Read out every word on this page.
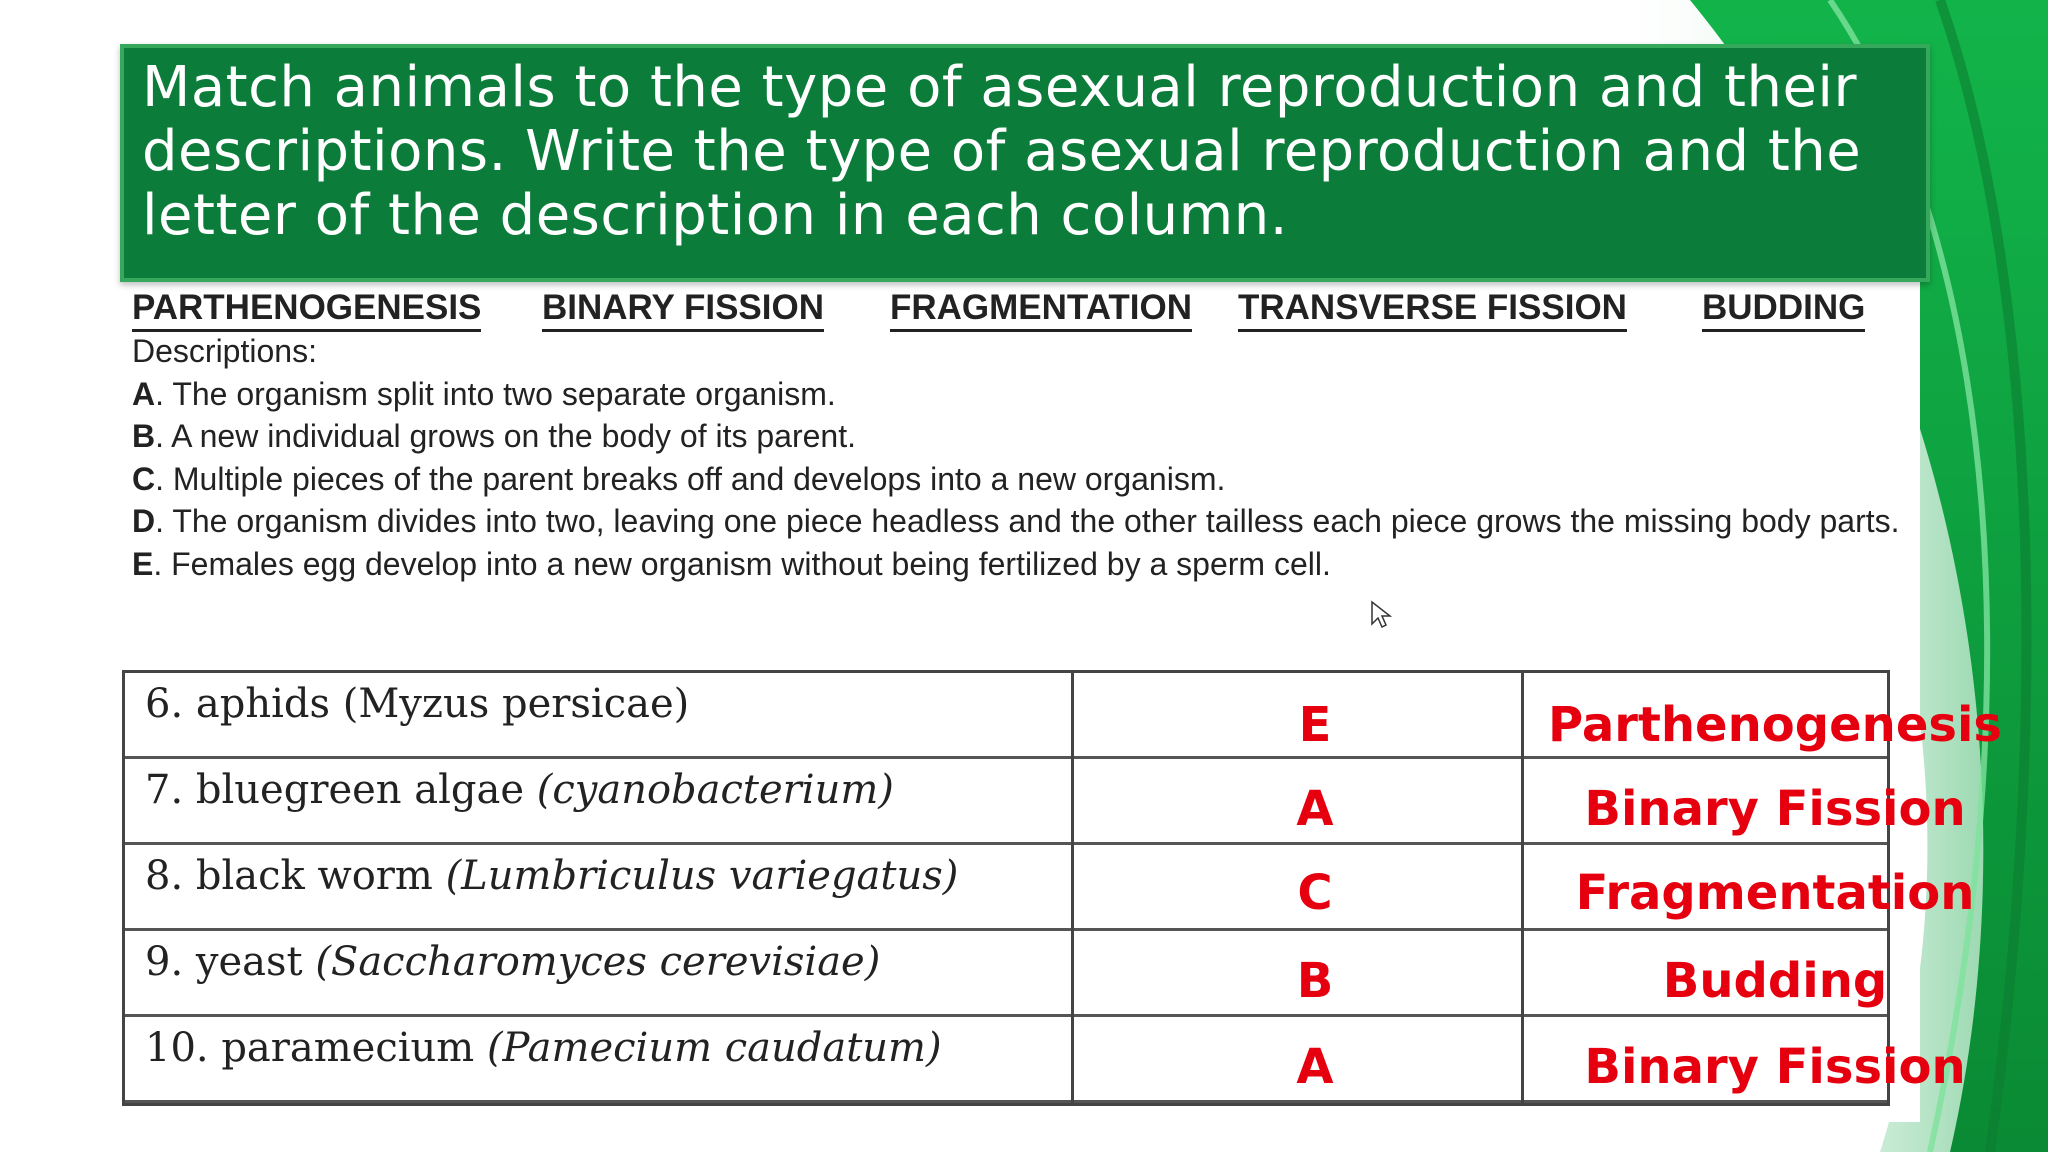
Match animals to the type of asexual reproduction and their descriptions. Write the type of asexual reproduction and the letter of the description in each column.
PARTHENOGENESIS BINARY FISSION FRAGMENTATION TRANSVERSE FISSION BUDDING
Descriptions:
A. The organism split into two separate organism.
B. A new individual grows on the body of its parent.
C. Multiple pieces of the parent breaks off and develops into a new organism.
D. The organism divides into two, leaving one piece headless and the other tailless each piece grows the missing body parts.
E. Females egg develop into a new organism without being fertilized by a sperm cell.
6. aphids (Myzus persicae)	E	Parthenogenesis
7. bluegreen algae (cyanobacterium)	A	Binary Fission
8. black worm (Lumbriculus variegatus)	C	Fragmentation
9. yeast (Saccharomyces cerevisiae)	B	Budding
10. paramecium (Pamecium caudatum)	A	Binary Fission
